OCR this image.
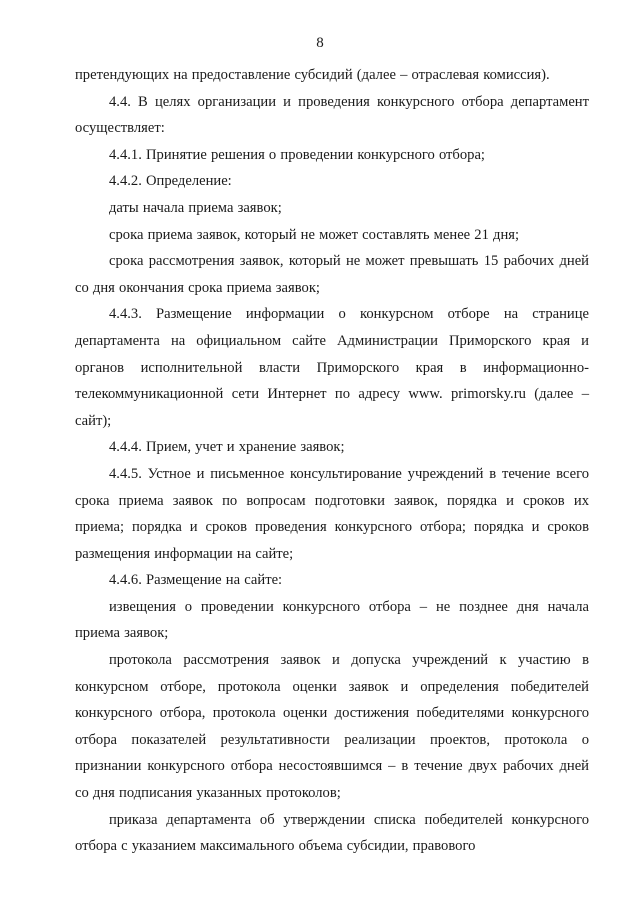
8

претендующих на предоставление субсидий (далее – отраслевая комиссия).

4.4. В целях организации и проведения конкурсного отбора департамент осуществляет:

4.4.1. Принятие решения о проведении конкурсного отбора;

4.4.2. Определение:

даты начала приема заявок;

срока приема заявок, который не может составлять менее 21 дня;

срока рассмотрения заявок, который не может превышать 15 рабочих дней со дня окончания срока приема заявок;

4.4.3. Размещение информации о конкурсном отборе на странице департамента на официальном сайте Администрации Приморского края и органов исполнительной власти Приморского края в информационно-телекоммуникационной сети Интернет по адресу www. primorsky.ru (далее – сайт);

4.4.4. Прием, учет и хранение заявок;

4.4.5. Устное и письменное консультирование учреждений в течение всего срока приема заявок по вопросам подготовки заявок, порядка и сроков их приема; порядка и сроков проведения конкурсного отбора; порядка и сроков размещения информации на сайте;

4.4.6. Размещение на сайте:

извещения о проведении конкурсного отбора – не позднее дня начала приема заявок;

протокола рассмотрения заявок и допуска учреждений к участию в конкурсном отборе, протокола оценки заявок и определения победителей конкурсного отбора, протокола оценки достижения победителями конкурсного отбора показателей результативности реализации проектов, протокола о признании конкурсного отбора несостоявшимся – в течение двух рабочих дней со дня подписания указанных протоколов;

приказа департамента об утверждении списка победителей конкурсного отбора с указанием максимального объема субсидии, правового
